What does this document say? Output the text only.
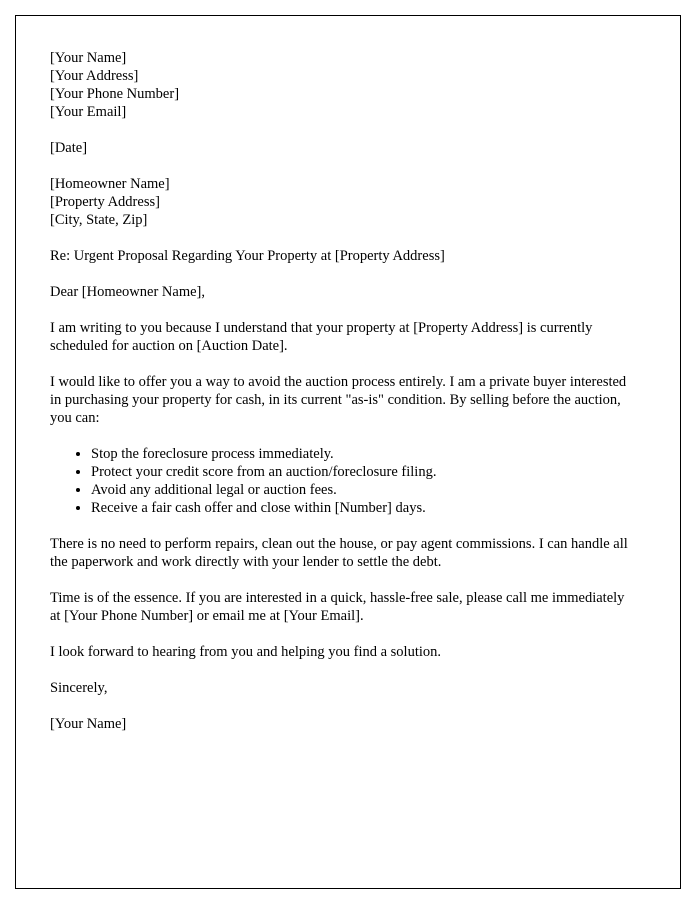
[Your Name]
[Your Address]
[Your Phone Number]
[Your Email]

[Date]

[Homeowner Name]
[Property Address]
[City, State, Zip]

Re: Urgent Proposal Regarding Your Property at [Property Address]

Dear [Homeowner Name],

I am writing to you because I understand that your property at [Property Address] is currently scheduled for auction on [Auction Date].

I would like to offer you a way to avoid the auction process entirely. I am a private buyer interested in purchasing your property for cash, in its current "as-is" condition. By selling before the auction, you can:

• Stop the foreclosure process immediately.
• Protect your credit score from an auction/foreclosure filing.
• Avoid any additional legal or auction fees.
• Receive a fair cash offer and close within [Number] days.

There is no need to perform repairs, clean out the house, or pay agent commissions. I can handle all the paperwork and work directly with your lender to settle the debt.

Time is of the essence. If you are interested in a quick, hassle-free sale, please call me immediately at [Your Phone Number] or email me at [Your Email].

I look forward to hearing from you and helping you find a solution.

Sincerely,

[Your Name]
